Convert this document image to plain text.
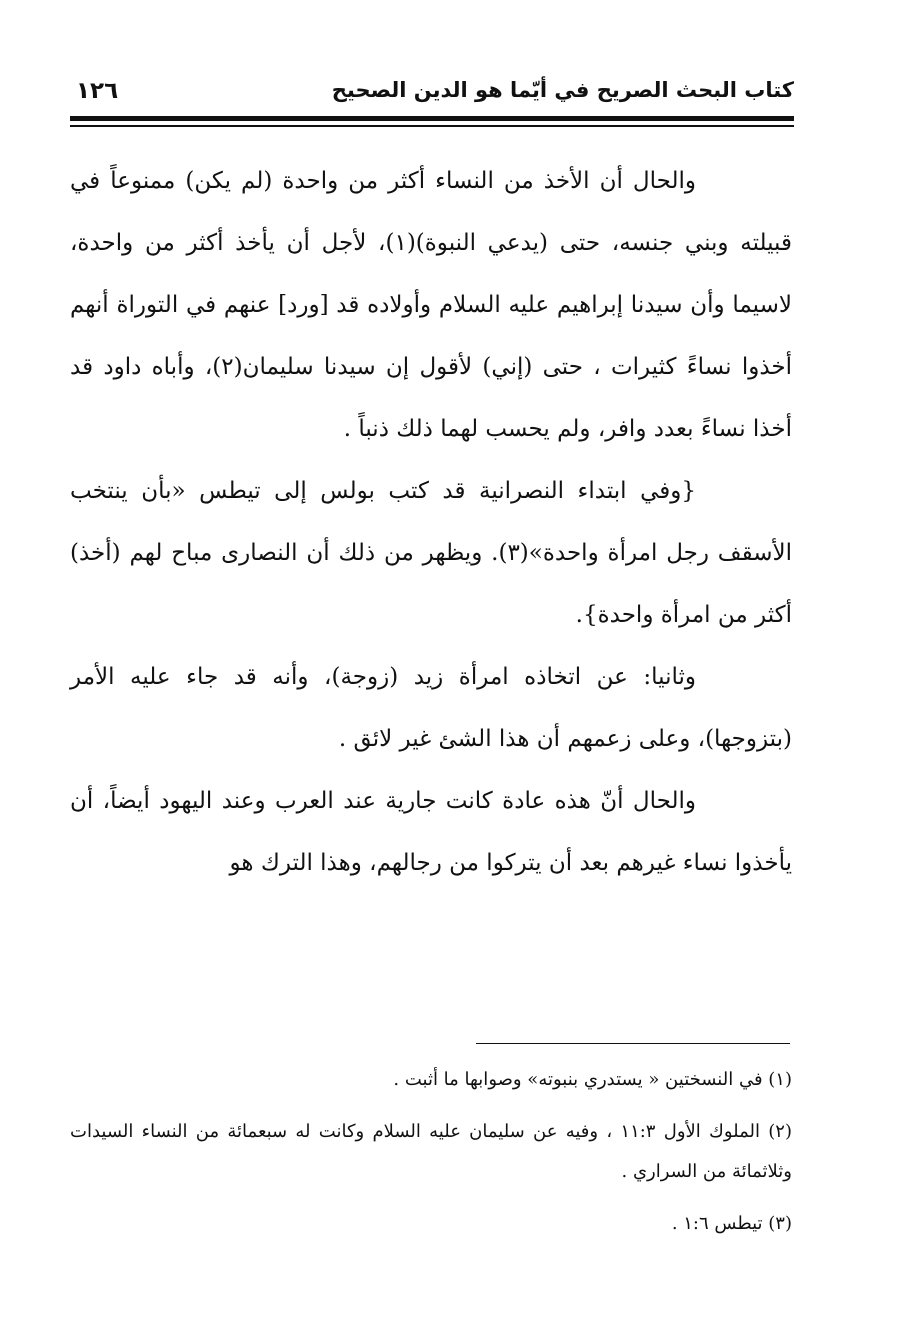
١٢٦	كتاب البحث الصريح في أيّما هو الدين الصحيح

والحال أن الأخذ من النساء أكثر من واحدة (لم يكن) ممنوعاً في قبيلته وبني جنسه، حتى (يدعي النبوة)(١)، لأجل أن يأخذ أكثر من واحدة، لاسيما وأن سيدنا إبراهيم عليه السلام وأولاده قد [ورد] عنهم في التوراة أنهم أخذوا نساءً كثيرات ، حتى (إني) لأقول إن سيدنا سليمان(٢)، وأباه داود قد أخذا نساءً بعدد وافر، ولم يحسب لهما ذلك ذنباً .

{وفي ابتداء النصرانية قد كتب بولس إلى تيطس «بأن ينتخب الأسقف رجل امرأة واحدة»(٣). ويظهر من ذلك أن النصارى مباح لهم (أخذ) أكثر من امرأة واحدة}.

وثانيا: عن اتخاذه امرأة زيد (زوجة)، وأنه قد جاء عليه الأمر (بتزوجها)، وعلى زعمهم أن هذا الشئ غير لائق .

والحال أنّ هذه عادة كانت جارية عند العرب وعند اليهود أيضاً، أن يأخذوا نساء غيرهم بعد أن يتركوا من رجالهم، وهذا الترك هو

(١) في النسختين « يستدري بنبوته» وصوابها ما أثبت .

(٢) الملوك الأول ١١:٣ ، وفيه عن سليمان عليه السلام وكانت له سبعمائة من النساء السيدات وثلاثمائة من السراري .

(٣) تيطس ١:٦ .
